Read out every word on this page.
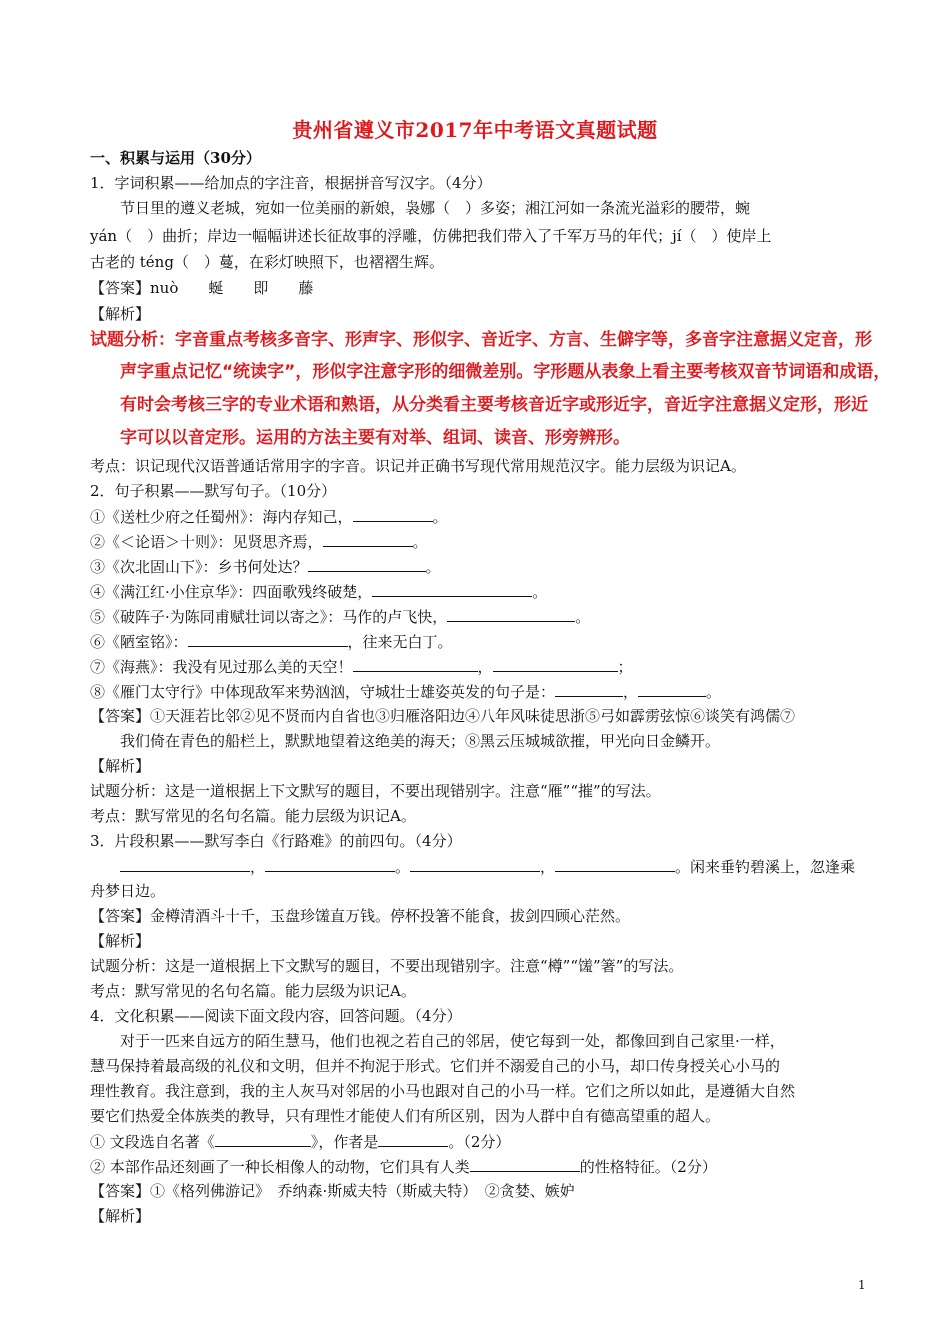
贵州省遵义市2017年中考语文真题试题
一、积累与运用（30分）
1．字词积累——给加点的字注音，根据拼音写汉字。（4分）
节日里的遵义老城，宛如一位美丽的新娘，袅娜（　）多姿；湘江河如一条流光溢彩的腰带，蜿
yán（　）曲折；岸边一幅幅讲述长征故事的浮雕，仿佛把我们带入了千军万马的年代；jí（　）使岸上
古老的 téng（　）蔓，在彩灯映照下，也褶褶生辉。
【答案】nuò　　蜒　　即　　藤
【解析】
试题分析：字音重点考核多音字、形声字、形似字、音近字、方言、生僻字等，多音字注意据义定音，形
声字重点记忆“统读字”，形似字注意字形的细微差别。字形题从表象上看主要考核双音节词语和成语，
有时会考核三字的专业术语和熟语，从分类看主要考核音近字或形近字，音近字注意据义定形，形近
字可以以音定形。运用的方法主要有对举、组词、读音、形旁辨形。
考点：识记现代汉语普通话常用字的字音。识记并正确书写现代常用规范汉字。能力层级为识记A。
2．句子积累——默写句子。（10分）
①《送杜少府之任蜀州》：海内存知己，	。
②《＜论语＞十则》：见贤思齐焉，	。
③《次北固山下》：乡书何处达？	。
④《满江红·小住京华》：四面歌残终破楚，	。
⑤《破阵子·为陈同甫赋壮词以寄之》：马作的卢飞快，	。
⑥《陋室铭》：	，往来无白丁。
⑦《海燕》：我没有见过那么美的天空！	，	；
⑧《雁门太守行》中体现敌军来势汹汹，守城壮士雄姿英发的句子是：	，	。
【答案】①天涯若比邻②见不贤而内自省也③归雁洛阳边④八年风味徒思浙⑤弓如霹雳弦惊⑥谈笑有鸿儒⑦
我们倚在青色的船栏上，默默地望着这绝美的海天；⑧黑云压城城欲摧，甲光向日金鳞开。
【解析】
试题分析：这是一道根据上下文默写的题目，不要出现错别字。注意“雁”“摧”的写法。
考点：默写常见的名句名篇。能力层级为识记A。
3．片段积累——默写李白《行路难》的前四句。（4分）
，	。	，	。闲来垂钓碧溪上，忽逢乘
舟梦日边。
【答案】金樽清酒斗十千，玉盘珍馐直万钱。停杯投箸不能食，拔剑四顾心茫然。
【解析】
试题分析：这是一道根据上下文默写的题目，不要出现错别字。注意“樽”“馐”箸”的写法。
考点：默写常见的名句名篇。能力层级为识记A。
4．文化积累——阅读下面文段内容，回答问题。（4分）
对于一匹来自远方的陌生慧马，他们也视之若自己的邻居，使它每到一处，都像回到自己家里·一样，
慧马保持着最高级的礼仪和文明，但并不拘泥于形式。它们并不溺爱自己的小马，却口传身授关心小马的
理性教育。我注意到，我的主人灰马对邻居的小马也跟对自己的小马一样。它们之所以如此，是遵循大自然
要它们热爱全体族类的教导，只有理性才能使人们有所区别，因为人群中自有德高望重的超人。
① 文段选自名著《	》，作者是	。（2分）
② 本部作品还刻画了一种长相像人的动物，它们具有人类	的性格特征。（2分）
【答案】①《格列佛游记》　乔纳森·斯威夫特（斯威夫特）　②贪婪、嫉妒
【解析】
1
